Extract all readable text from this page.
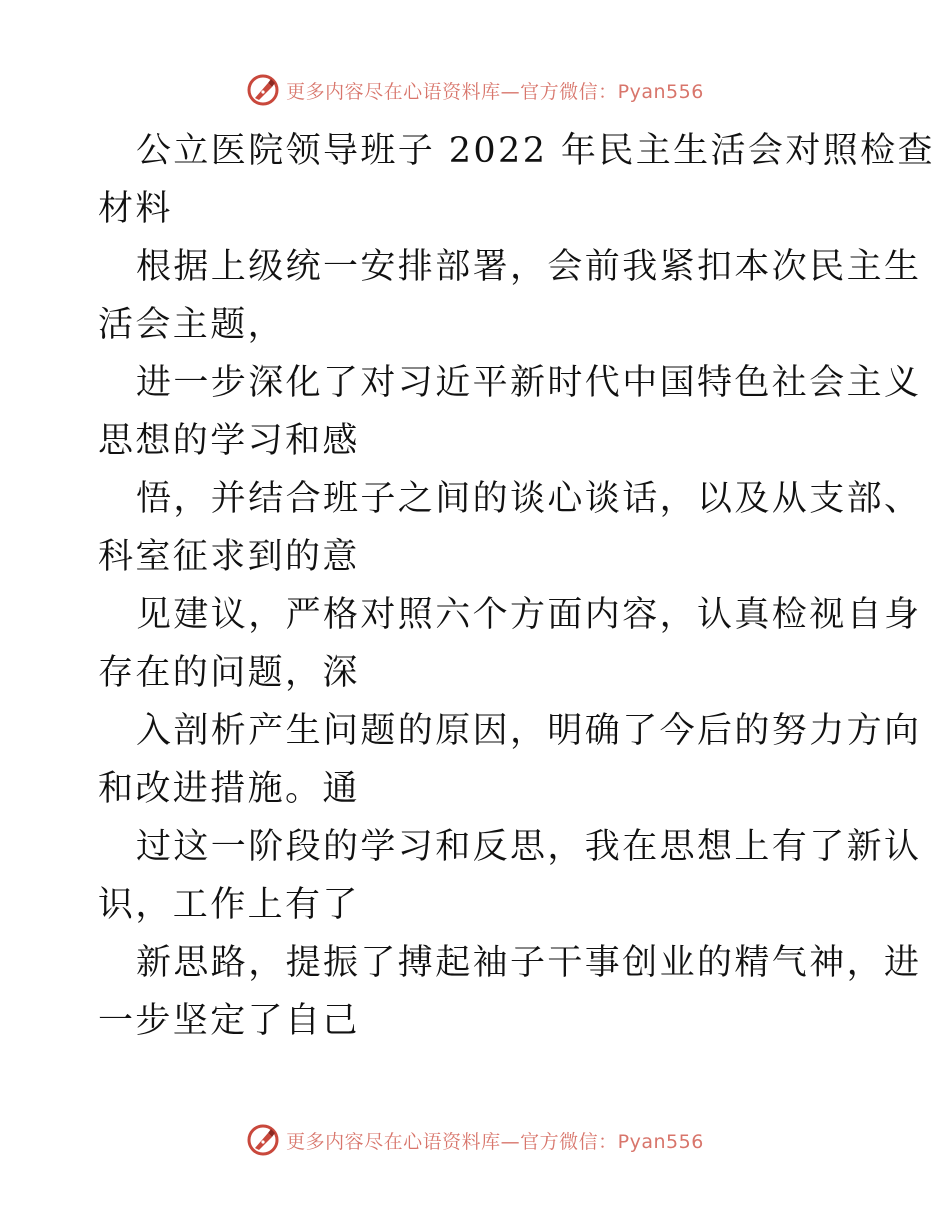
更多内容尽在心语资料库—官方微信：Pyan556

公立医院领导班子 2022 年民主生活会对照检查
材料

根据上级统一安排部署，会前我紧扣本次民主生
活会主题，

进一步深化了对习近平新时代中国特色社会主义
思想的学习和感

悟，并结合班子之间的谈心谈话，以及从支部、
科室征求到的意

见建议，严格对照六个方面内容，认真检视自身
存在的问题，深

入剖析产生问题的原因，明确了今后的努力方向
和改进措施。通

过这一阶段的学习和反思，我在思想上有了新认
识，工作上有了

新思路，提振了搏起袖子干事创业的精气神，进
一步坚定了自己

更多内容尽在心语资料库—官方微信：Pyan556
